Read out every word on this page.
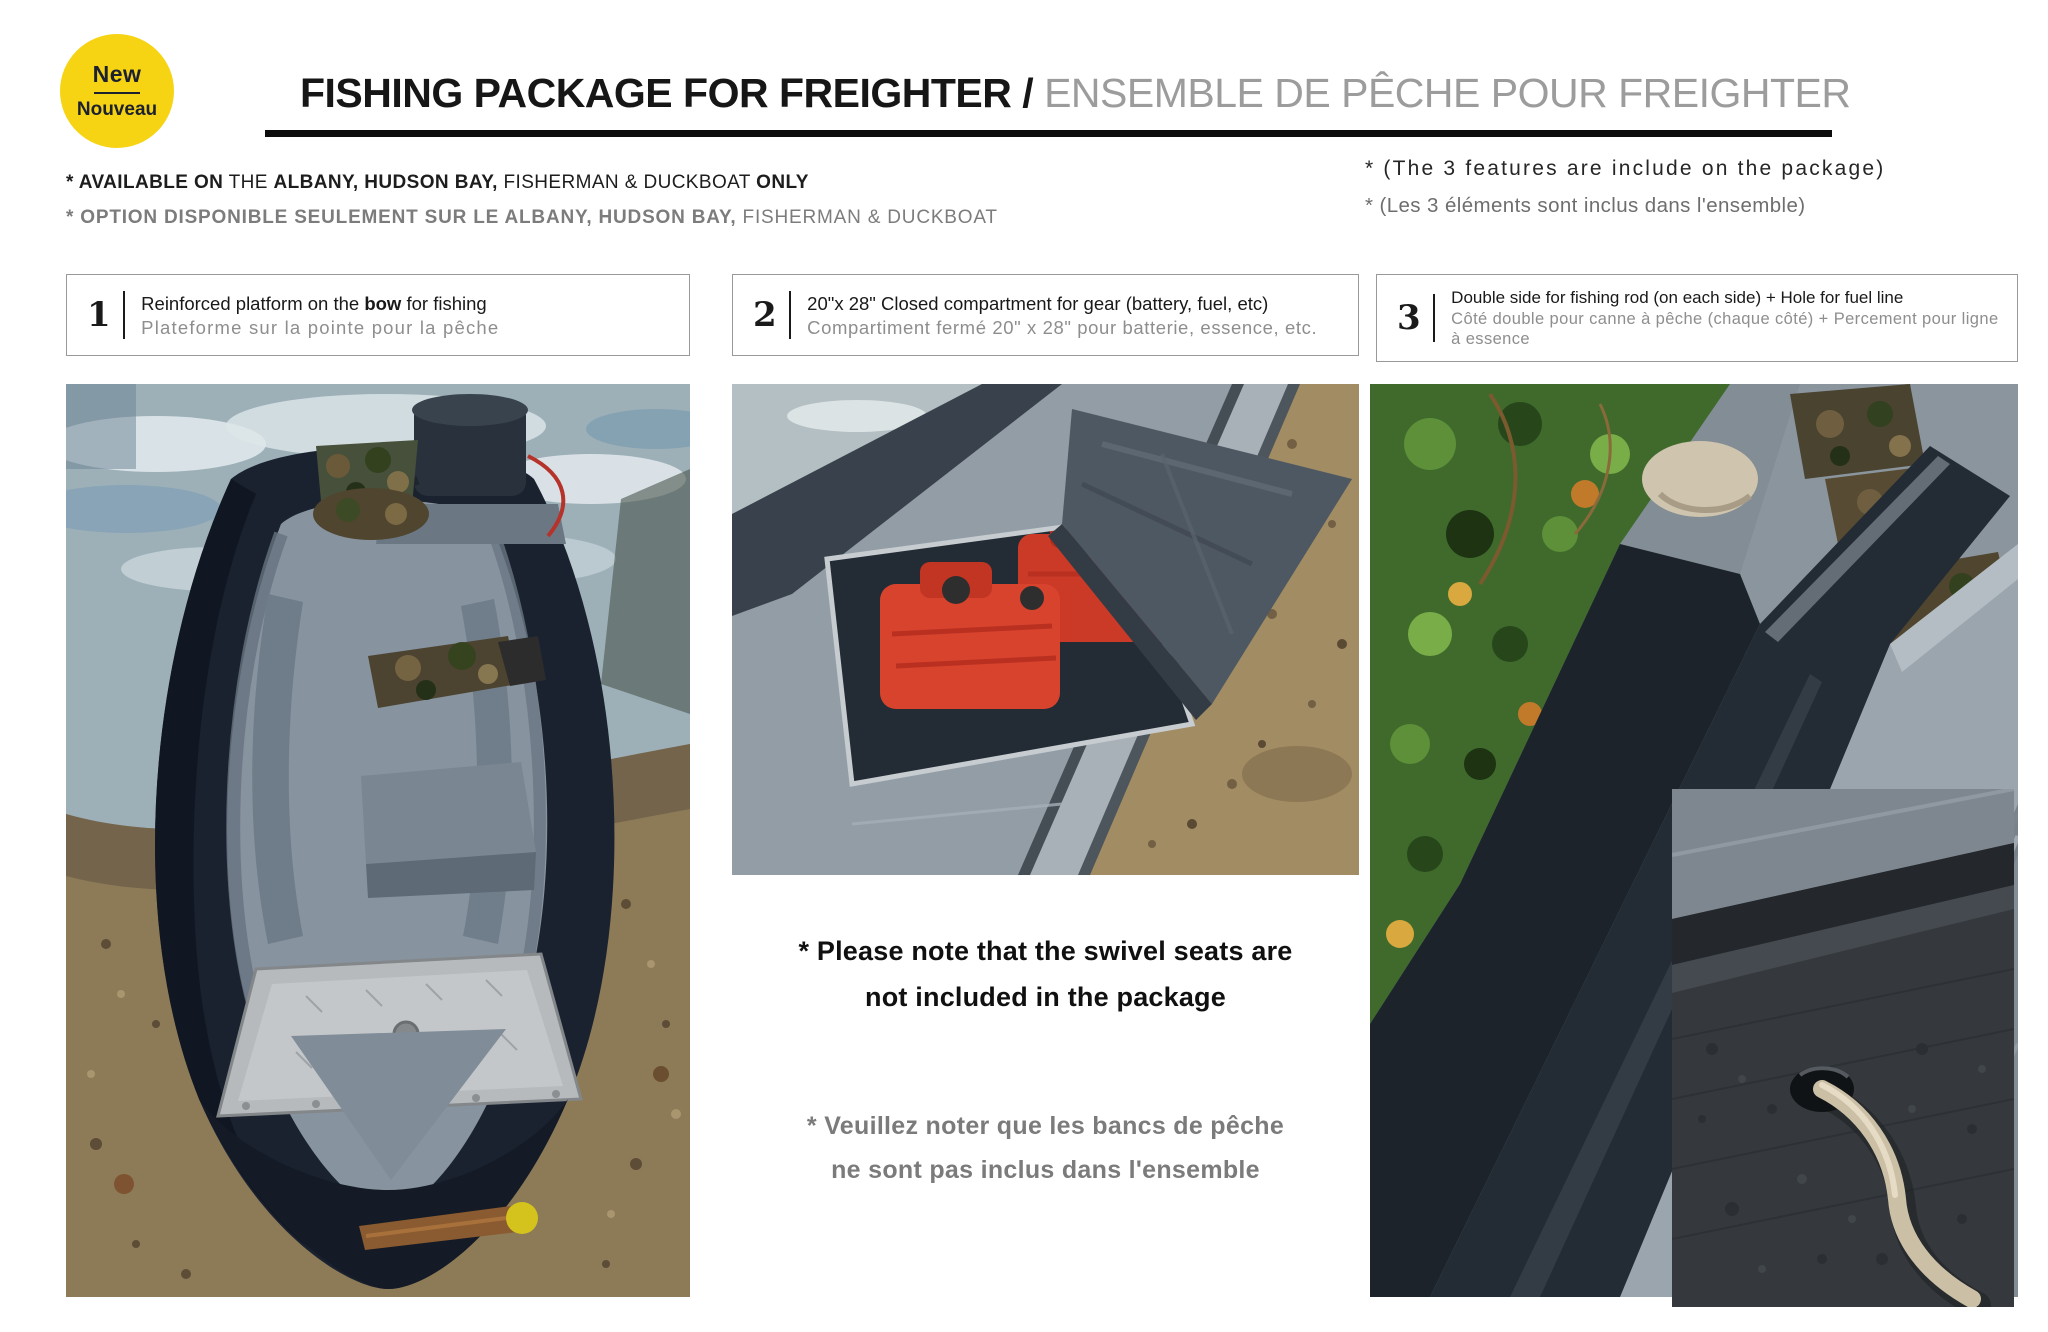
New
Nouveau	FISHING PACKAGE FOR FREIGHTER / ENSEMBLE DE PÊCHE POUR FREIGHTER
* AVAILABLE ON THE ALBANY, HUDSON BAY, FISHERMAN & DUCKBOAT ONLY
* OPTION DISPONIBLE SEULEMENT SUR LE ALBANY, HUDSON BAY, FISHERMAN & DUCKBOAT
* (The 3 features are include on the package)
* (Les 3 éléments sont inclus dans l'ensemble)
1 Reinforced platform on the bow for fishing
Plateforme sur la pointe pour la pêche	2 20"x 28" Closed compartment for gear (battery, fuel, etc)
Compartiment fermé 20" x 28" pour batterie, essence, etc.	3
Double side for fishing rod (on each side) + Hole for fuel line
Côté double pour canne à pêche (chaque côté) + Percement pour ligne à essence
* Please note that the swivel seats are
not included in the package
* Veuillez noter que les bancs de pêche
ne sont pas inclus dans l'ensemble
